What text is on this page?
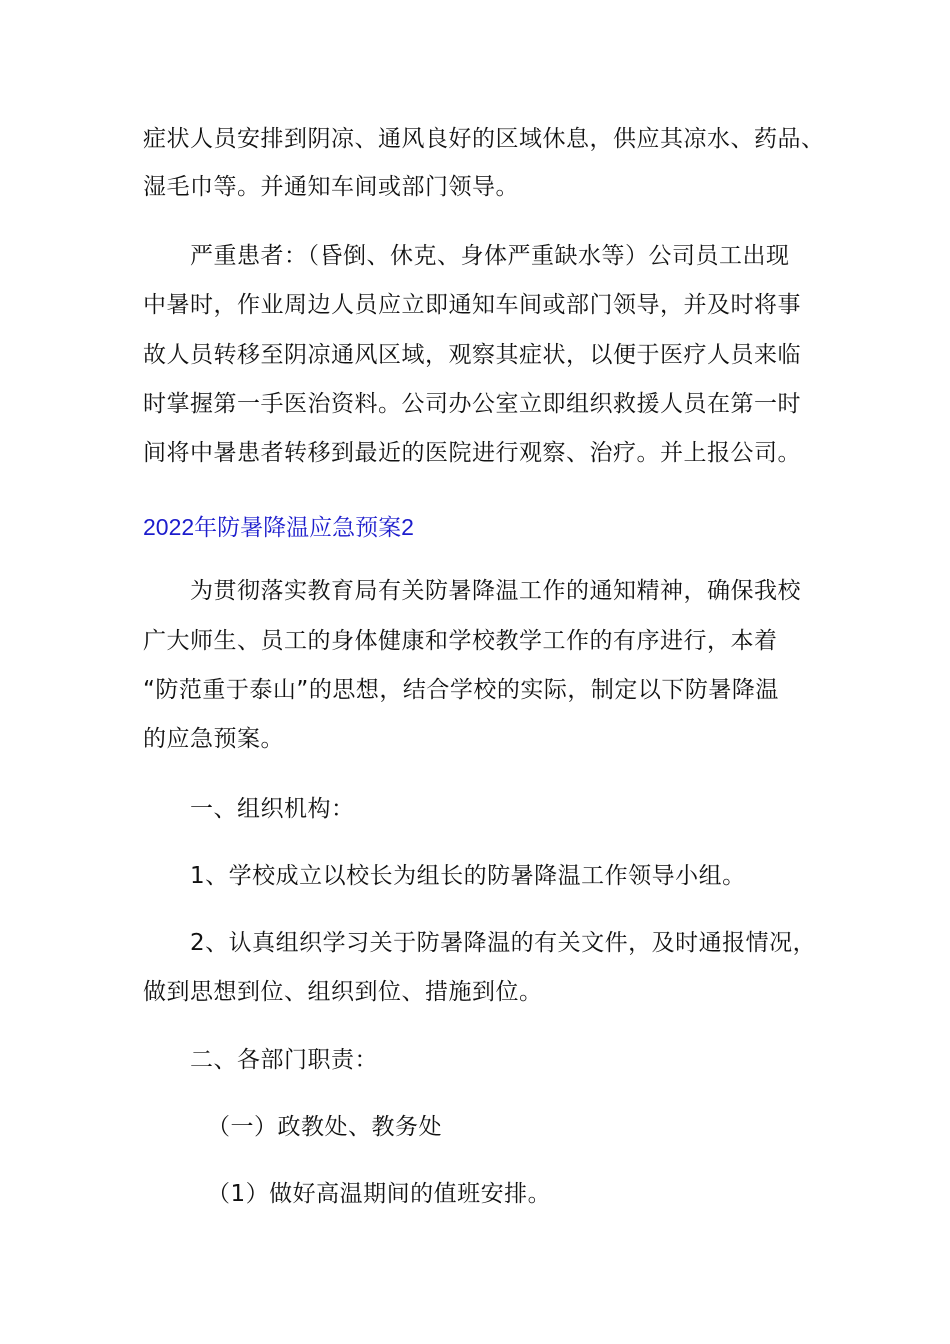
症状人员安排到阴凉、通风良好的区域休息，供应其凉水、药品、
湿毛巾等。并通知车间或部门领导。
严重患者：（昏倒、休克、身体严重缺水等）公司员工出现
中暑时，作业周边人员应立即通知车间或部门领导，并及时将事
故人员转移至阴凉通风区域，观察其症状，以便于医疗人员来临
时掌握第一手医治资料。公司办公室立即组织救援人员在第一时
间将中暑患者转移到最近的医院进行观察、治疗。并上报公司。
2022年防暑降温应急预案2
为贯彻落实教育局有关防暑降温工作的通知精神，确保我校
广大师生、员工的身体健康和学校教学工作的有序进行，本着
“防范重于泰山”的思想，结合学校的实际，制定以下防暑降温
的应急预案。
一、组织机构：
1、学校成立以校长为组长的防暑降温工作领导小组。
2、认真组织学习关于防暑降温的有关文件，及时通报情况，
做到思想到位、组织到位、措施到位。
二、各部门职责：
（一）政教处、教务处
（1）做好高温期间的值班安排。
